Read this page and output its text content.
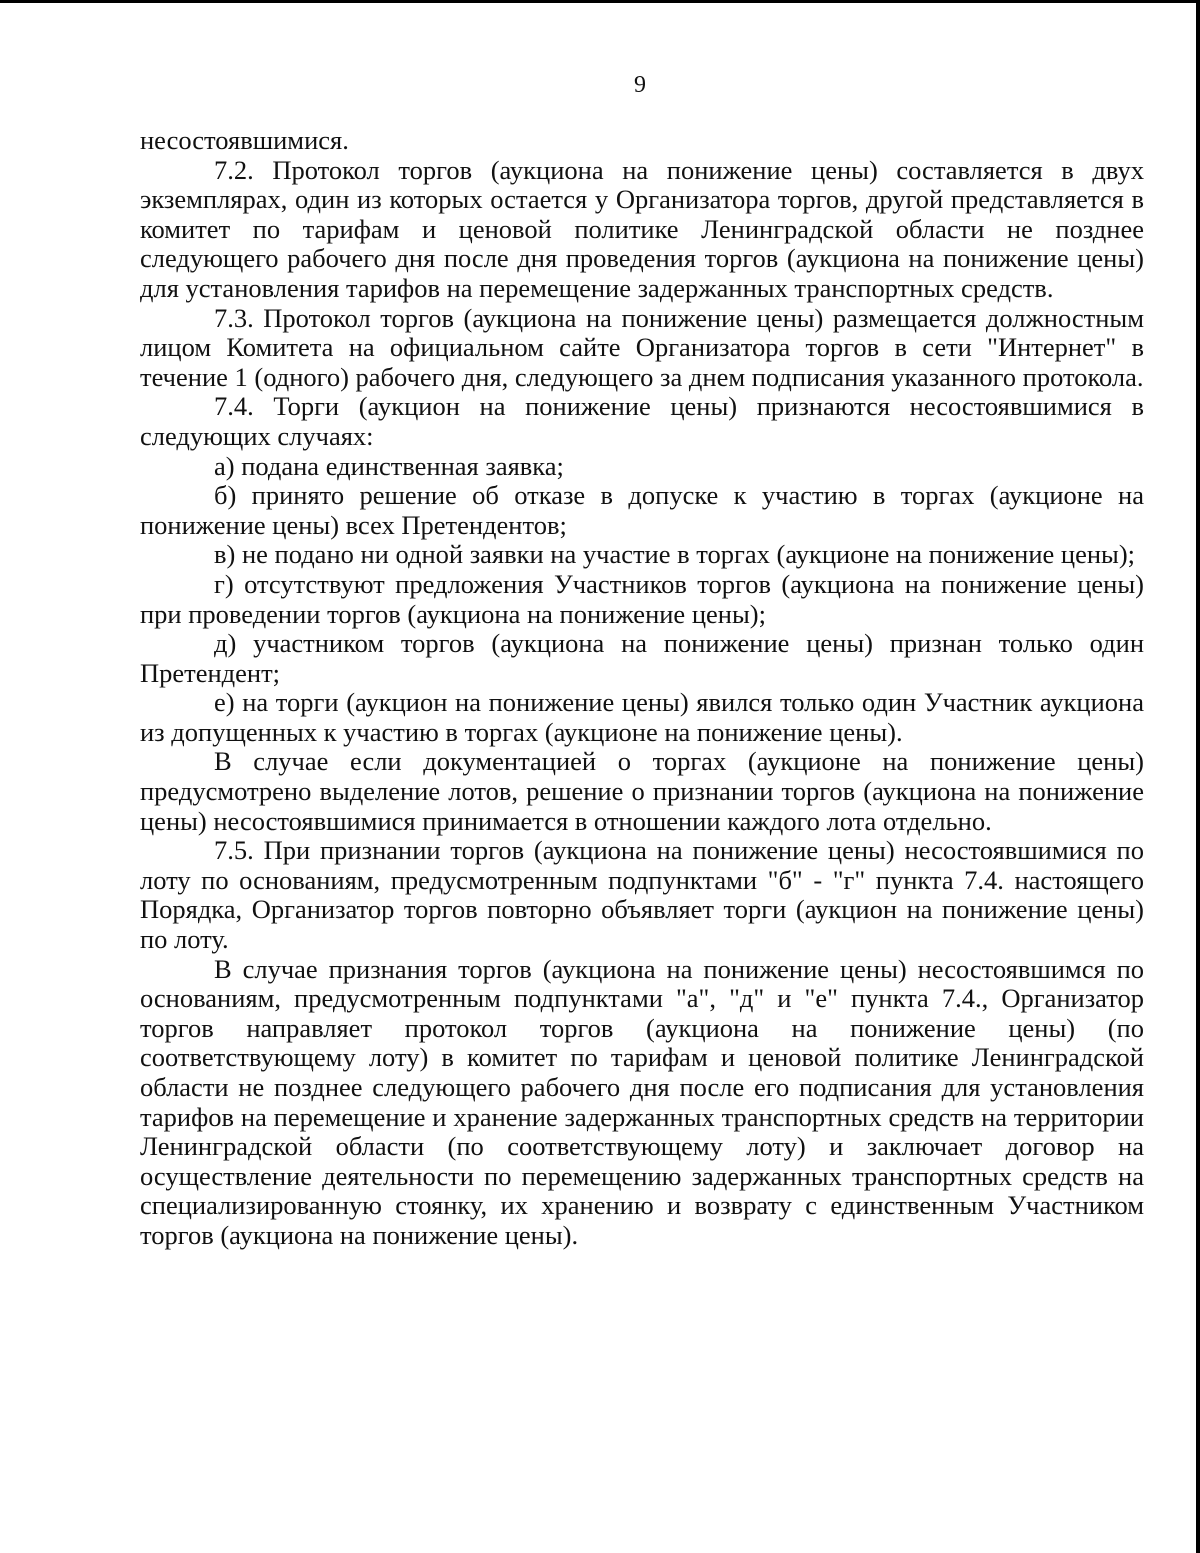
9

несостоявшимися.

7.2. Протокол торгов (аукциона на понижение цены) составляется в двух экземплярах, один из которых остается у Организатора торгов, другой представляется в комитет по тарифам и ценовой политике Ленинградской области не позднее следующего рабочего дня после дня проведения торгов (аукциона на понижение цены) для установления тарифов на перемещение задержанных транспортных средств.

7.3. Протокол торгов (аукциона на понижение цены) размещается должностным лицом Комитета на официальном сайте Организатора торгов в сети "Интернет" в течение 1 (одного) рабочего дня, следующего за днем подписания указанного протокола.

7.4. Торги (аукцион на понижение цены) признаются несостоявшимися в следующих случаях:

а) подана единственная заявка;

б) принято решение об отказе в допуске к участию в торгах (аукционе на понижение цены) всех Претендентов;

в) не подано ни одной заявки на участие в торгах (аукционе на понижение цены);

г) отсутствуют предложения Участников торгов (аукциона на понижение цены) при проведении торгов (аукциона на понижение цены);

д) участником торгов (аукциона на понижение цены) признан только один Претендент;

е) на торги (аукцион на понижение цены) явился только один Участник аукциона из допущенных к участию в торгах (аукционе на понижение цены).

В случае если документацией о торгах (аукционе на понижение цены) предусмотрено выделение лотов, решение о признании торгов (аукциона на понижение цены) несостоявшимися принимается в отношении каждого лота отдельно.

7.5. При признании торгов (аукциона на понижение цены) несостоявшимися по лоту по основаниям, предусмотренным подпунктами "б" - "г" пункта 7.4. настоящего Порядка, Организатор торгов повторно объявляет торги (аукцион на понижение цены) по лоту.

В случае признания торгов (аукциона на понижение цены) несостоявшимся по основаниям, предусмотренным подпунктами "а", "д" и "е" пункта 7.4., Организатор торгов направляет протокол торгов (аукциона на понижение цены) (по соответствующему лоту) в комитет по тарифам и ценовой политике Ленинградской области не позднее следующего рабочего дня после его подписания для установления тарифов на перемещение и хранение задержанных транспортных средств на территории Ленинградской области (по соответствующему лоту) и заключает договор на осуществление деятельности по перемещению задержанных транспортных средств на специализированную стоянку, их хранению и возврату с единственным Участником торгов (аукциона на понижение цены).
